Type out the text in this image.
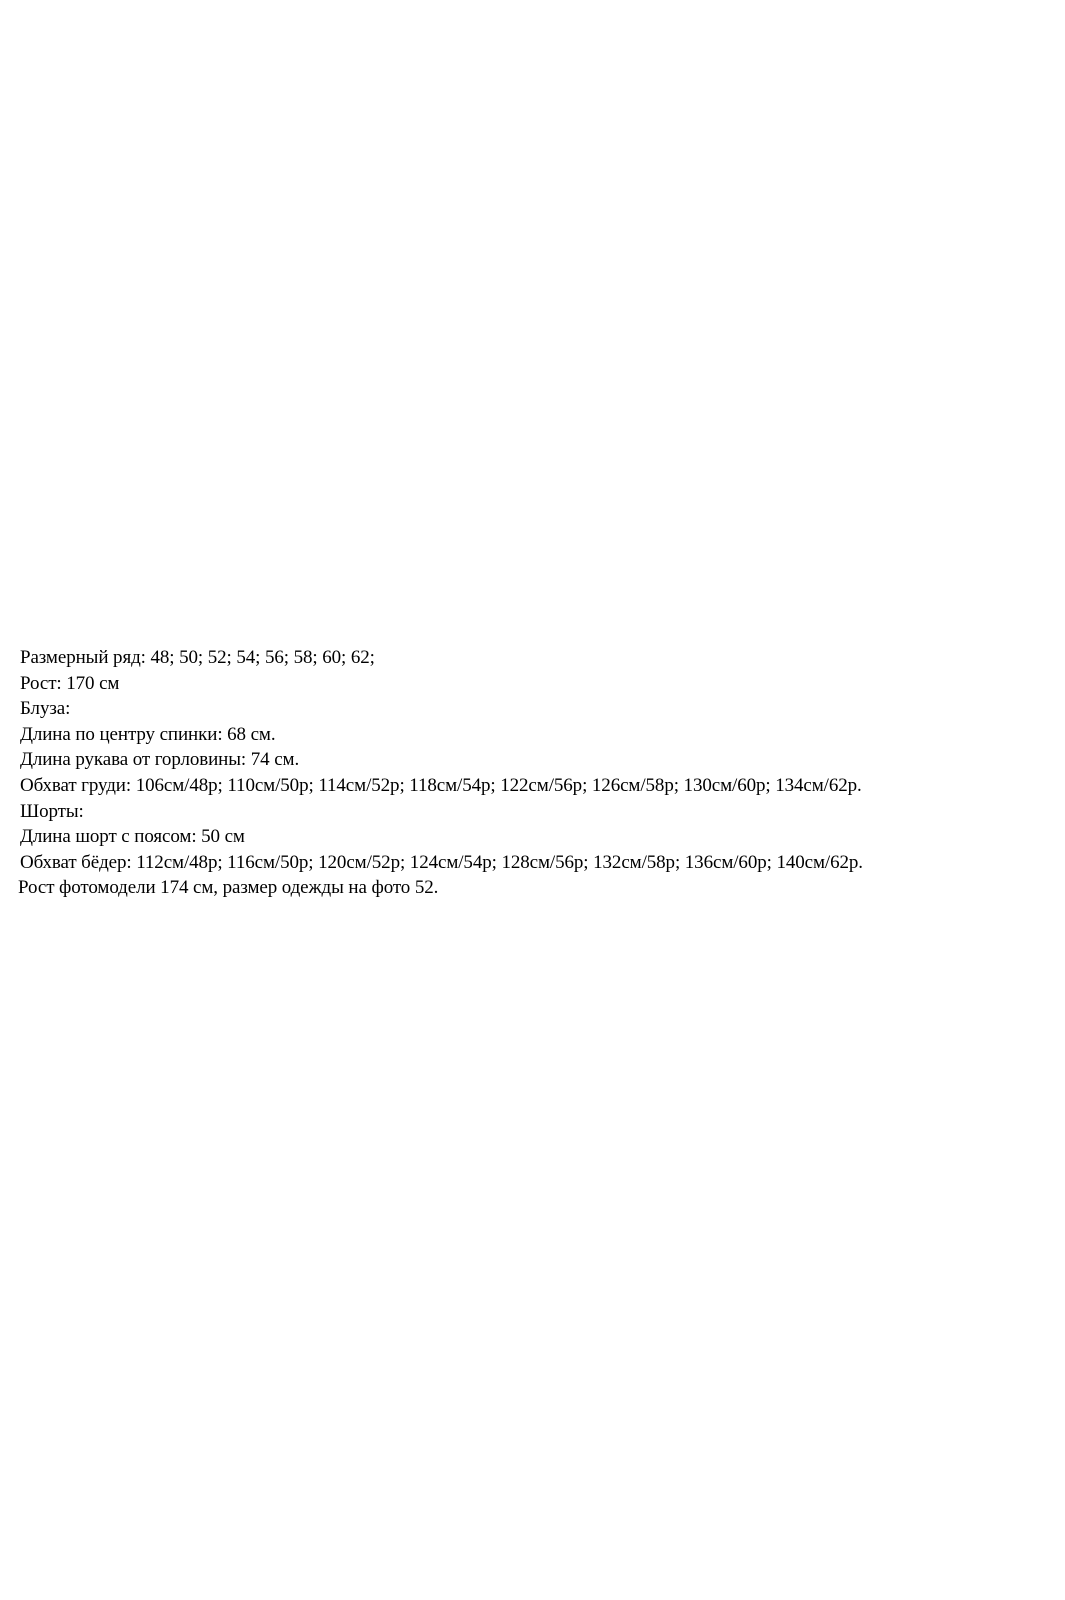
Размерный ряд: 48; 50; 52; 54; 56; 58; 60; 62;
Рост: 170 см
Блуза:
Длина по центру спинки: 68 см.
Длина рукава от горловины: 74 см.
Обхват груди: 106см/48р; 110см/50р; 114см/52р; 118см/54р; 122см/56р; 126см/58р; 130см/60р; 134см/62р.
Шорты:
Длина шорт с поясом: 50 см
Обхват бёдер: 112см/48р; 116см/50р; 120см/52р; 124см/54р; 128см/56р; 132см/58р; 136см/60р; 140см/62р.
Рост фотомодели 174 см, размер одежды на фото 52.
